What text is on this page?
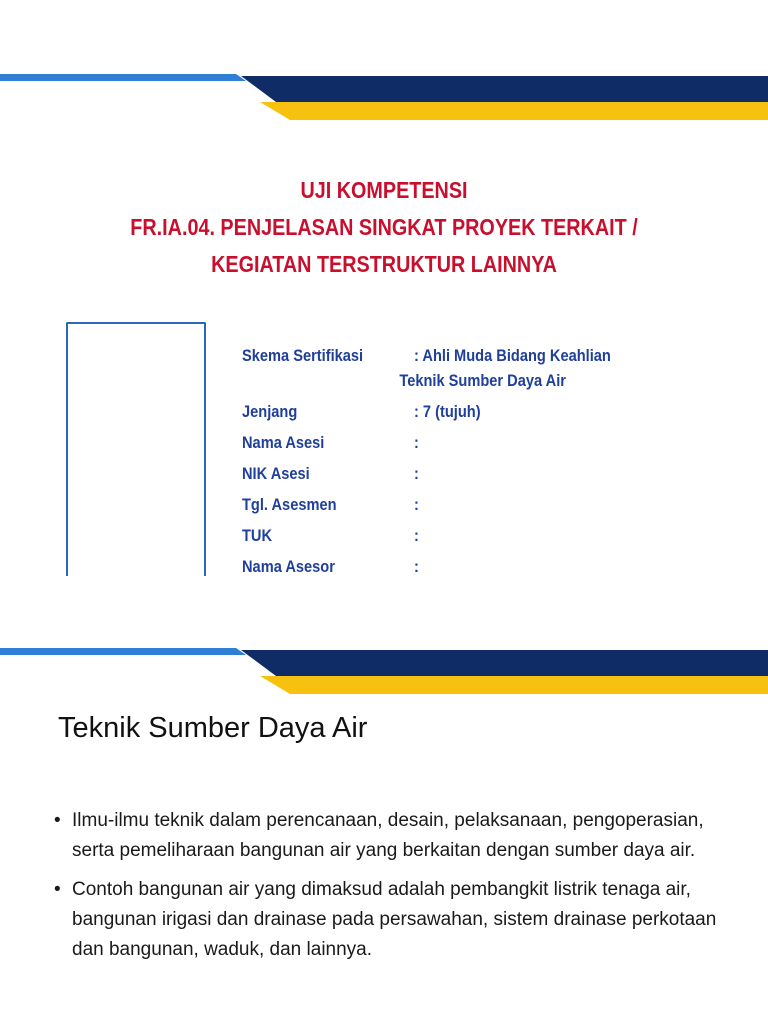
UJI KOMPETENSI
FR.IA.04. PENJELASAN SINGKAT PROYEK TERKAIT /
KEGIATAN TERSTRUKTUR LAINNYA
Skema Sertifikasi	: Ahli Muda Bidang Keahlian
Teknik Sumber Daya Air
Jenjang	: 7 (tujuh)
Nama Asesi	:
NIK Asesi	:
Tgl. Asesmen	:
TUK	:
Nama Asesor	:
Teknik Sumber Daya Air
• Ilmu-ilmu teknik dalam perencanaan, desain, pelaksanaan, pengoperasian, serta pemeliharaan bangunan air yang berkaitan dengan sumber daya air.
• Contoh bangunan air yang dimaksud adalah pembangkit listrik tenaga air, bangunan irigasi dan drainase pada persawahan, sistem drainase perkotaan dan bangunan, waduk, dan lainnya.
